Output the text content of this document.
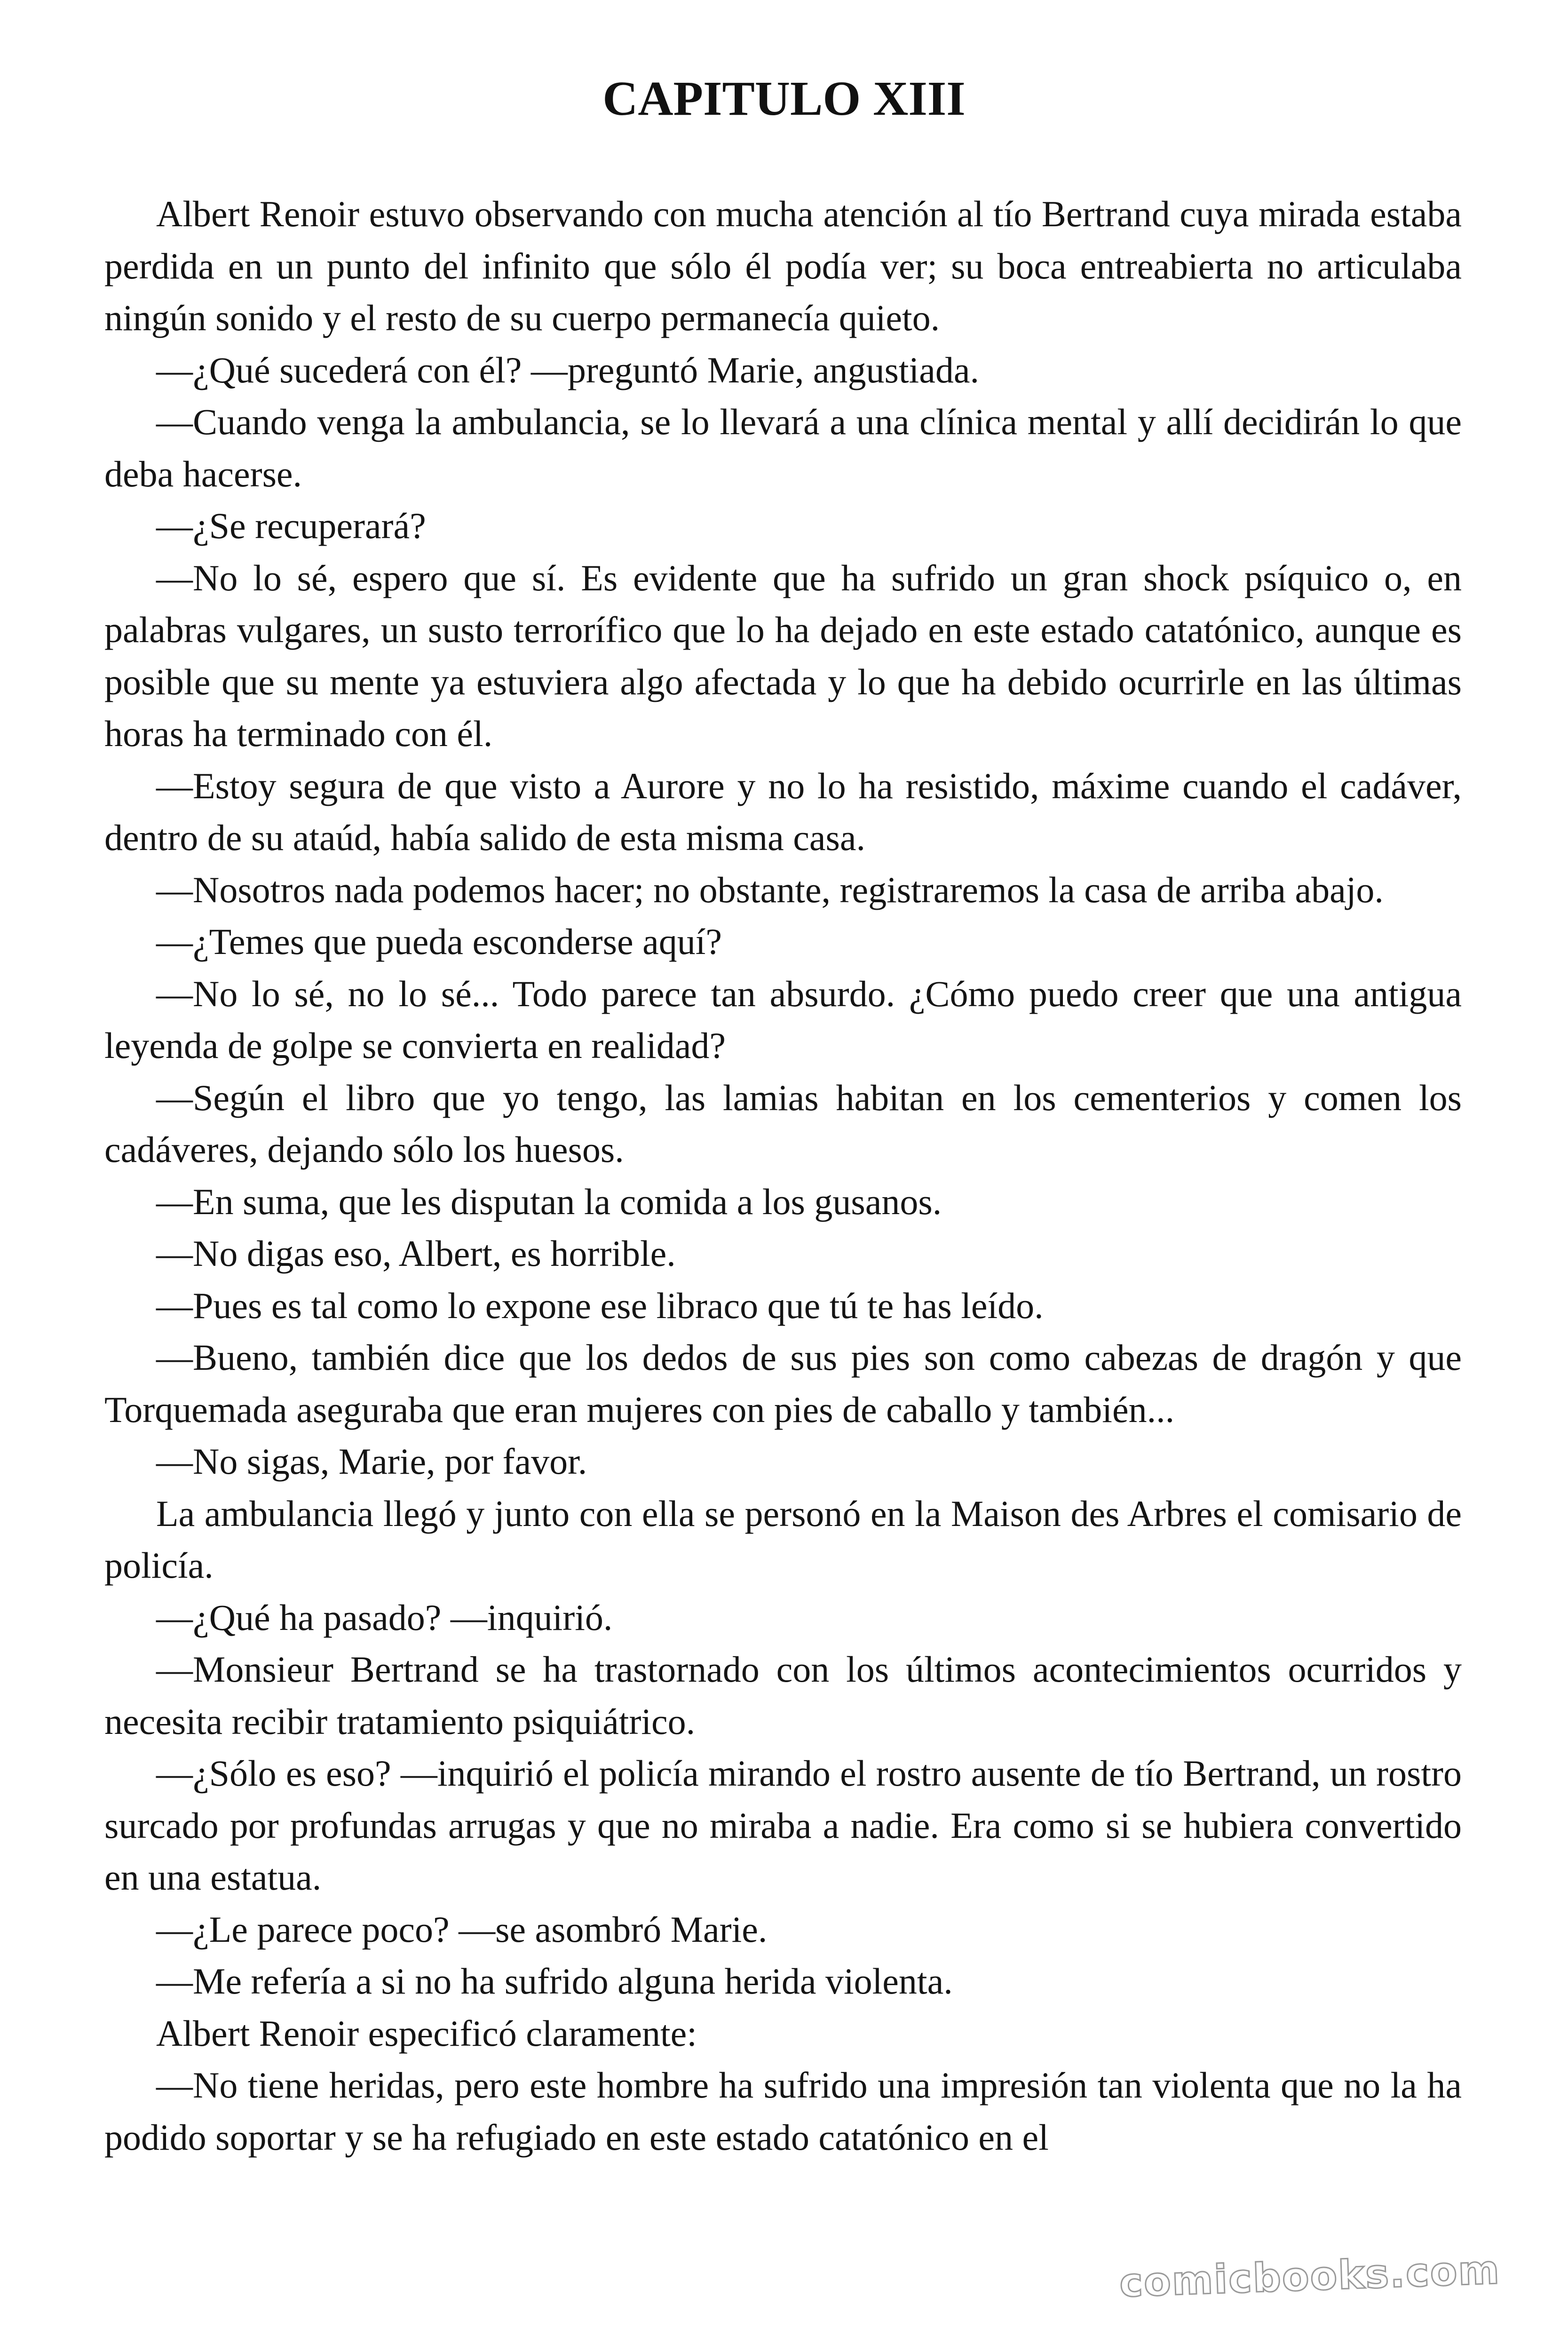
CAPITULO XIII

Albert Renoir estuvo observando con mucha atención al tío Bertrand cuya mirada estaba perdida en un punto del infinito que sólo él podía ver; su boca entreabierta no articulaba ningún sonido y el resto de su cuerpo permanecía quieto.

—¿Qué sucederá con él? —preguntó Marie, angustiada.

—Cuando venga la ambulancia, se lo llevará a una clínica mental y allí decidirán lo que deba hacerse.

—¿Se recuperará?

—No lo sé, espero que sí. Es evidente que ha sufrido un gran shock psíquico o, en palabras vulgares, un susto terrorífico que lo ha dejado en este estado catatónico, aunque es posible que su mente ya estuviera algo afectada y lo que ha debido ocurrirle en las últimas horas ha terminado con él.

—Estoy segura de que visto a Aurore y no lo ha resistido, máxime cuando el cadáver, dentro de su ataúd, había salido de esta misma casa.

—Nosotros nada podemos hacer; no obstante, registraremos la casa de arriba abajo.

—¿Temes que pueda esconderse aquí?

—No lo sé, no lo sé... Todo parece tan absurdo. ¿Cómo puedo creer que una antigua leyenda de golpe se convierta en realidad?

—Según el libro que yo tengo, las lamias habitan en los cementerios y comen los cadáveres, dejando sólo los huesos.

—En suma, que les disputan la comida a los gusanos.

—No digas eso, Albert, es horrible.

—Pues es tal como lo expone ese libraco que tú te has leído.

—Bueno, también dice que los dedos de sus pies son como cabezas de dragón y que Torquemada aseguraba que eran mujeres con pies de caballo y también...

—No sigas, Marie, por favor.

La ambulancia llegó y junto con ella se personó en la Maison des Arbres el comisario de policía.

—¿Qué ha pasado? —inquirió.

—Monsieur Bertrand se ha trastornado con los últimos acontecimientos ocurridos y necesita recibir tratamiento psiquiátrico.

—¿Sólo es eso? —inquirió el policía mirando el rostro ausente de tío Bertrand, un rostro surcado por profundas arrugas y que no miraba a nadie. Era como si se hubiera convertido en una estatua.

—¿Le parece poco? —se asombró Marie.

—Me refería a si no ha sufrido alguna herida violenta.

Albert Renoir especificó claramente:

—No tiene heridas, pero este hombre ha sufrido una impresión tan violenta que no la ha podido soportar y se ha refugiado en este estado catatónico en el

comicbooks.com
